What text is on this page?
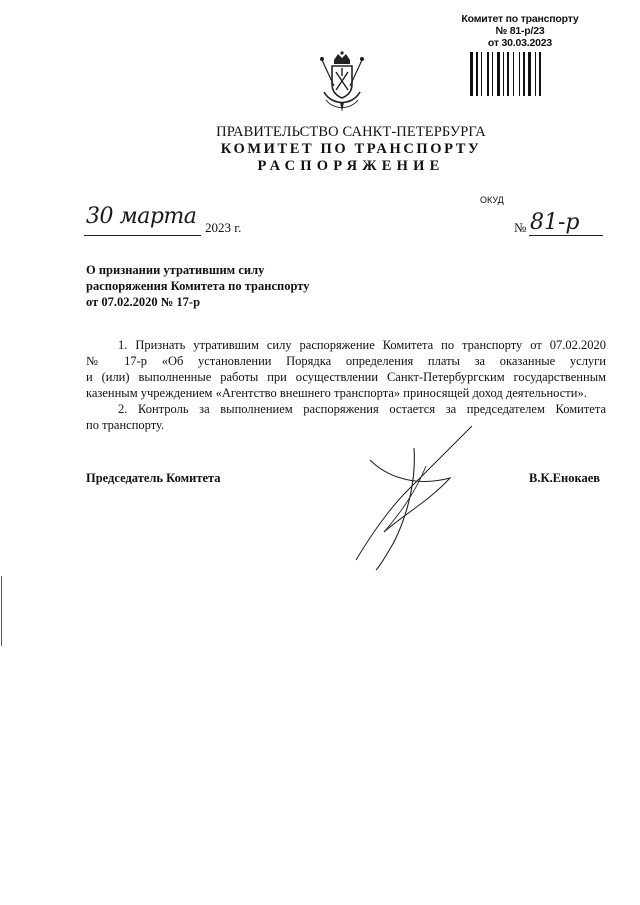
Комитет по транспорту
№ 81-р/23
от 30.03.2023
ПРАВИТЕЛЬСТВО САНКТ-ПЕТЕРБУРГА
КОМИТЕТ ПО ТРАНСПОРТУ
РАСПОРЯЖЕНИЕ
ОКУД
30 марта 2023 г.	№ 81-р
О признании утратившим силу
распоряжения Комитета по транспорту
от 07.02.2020 № 17-р
1. Признать утратившим силу распоряжение Комитета по транспорту от 07.02.2020
№ 17-р «Об установлении Порядка определения платы за оказанные услуги
и (или) выполненные работы при осуществлении Санкт-Петербургским государственным
казенным учреждением «Агентство внешнего транспорта» приносящей доход деятельности».
2. Контроль за выполнением распоряжения остается за председателем Комитета
по транспорту.
Председатель Комитета	В.К.Енокаев
